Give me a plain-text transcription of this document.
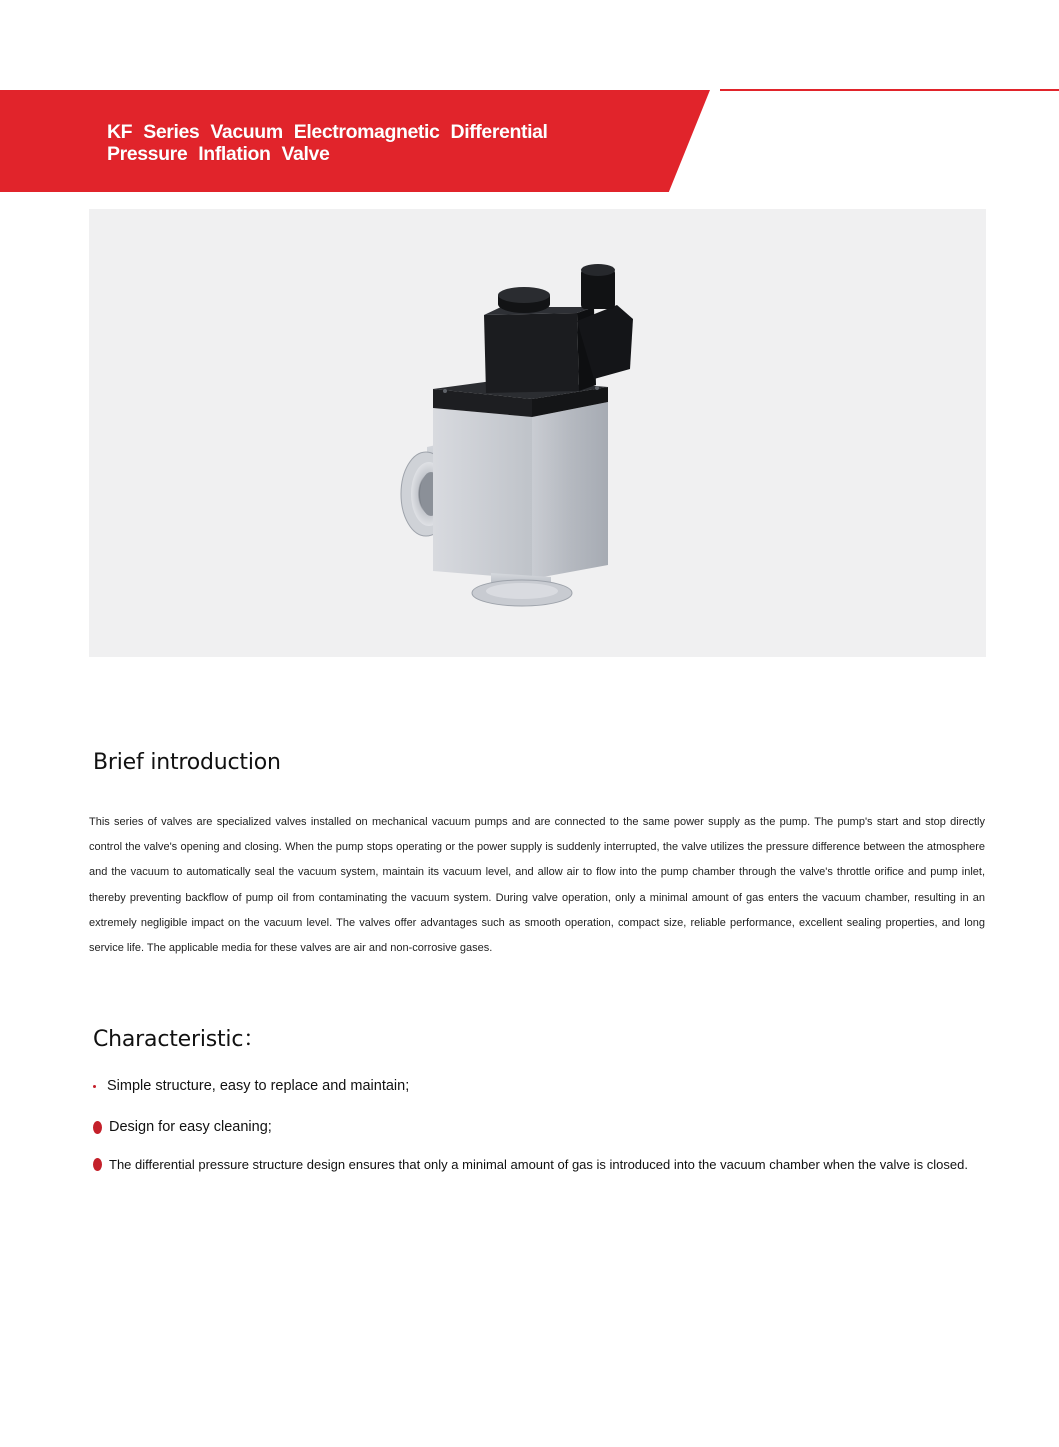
KF Series Vacuum Electromagnetic Differential Pressure Inflation Valve
Brief introduction
This series of valves are specialized valves installed on mechanical vacuum pumps and are connected to the same power supply as the pump. The pump's start and stop directly control the valve's opening and closing. When the pump stops operating or the power supply is suddenly interrupted, the valve utilizes the pressure difference between the atmosphere and the vacuum to automatically seal the vacuum system, maintain its vacuum level, and allow air to flow into the pump chamber through the valve's throttle orifice and pump inlet, thereby preventing backflow of pump oil from contaminating the vacuum system. During valve operation, only a minimal amount of gas enters the vacuum chamber, resulting in an extremely negligible impact on the vacuum level. The valves offer advantages such as smooth operation, compact size, reliable performance, excellent sealing properties, and long service life. The applicable media for these valves are air and non-corrosive gases.
Characteristic：
Simple structure, easy to replace and maintain;
Design for easy cleaning;
The differential pressure structure design ensures that only a minimal amount of gas is introduced into the vacuum chamber when the valve is closed.
